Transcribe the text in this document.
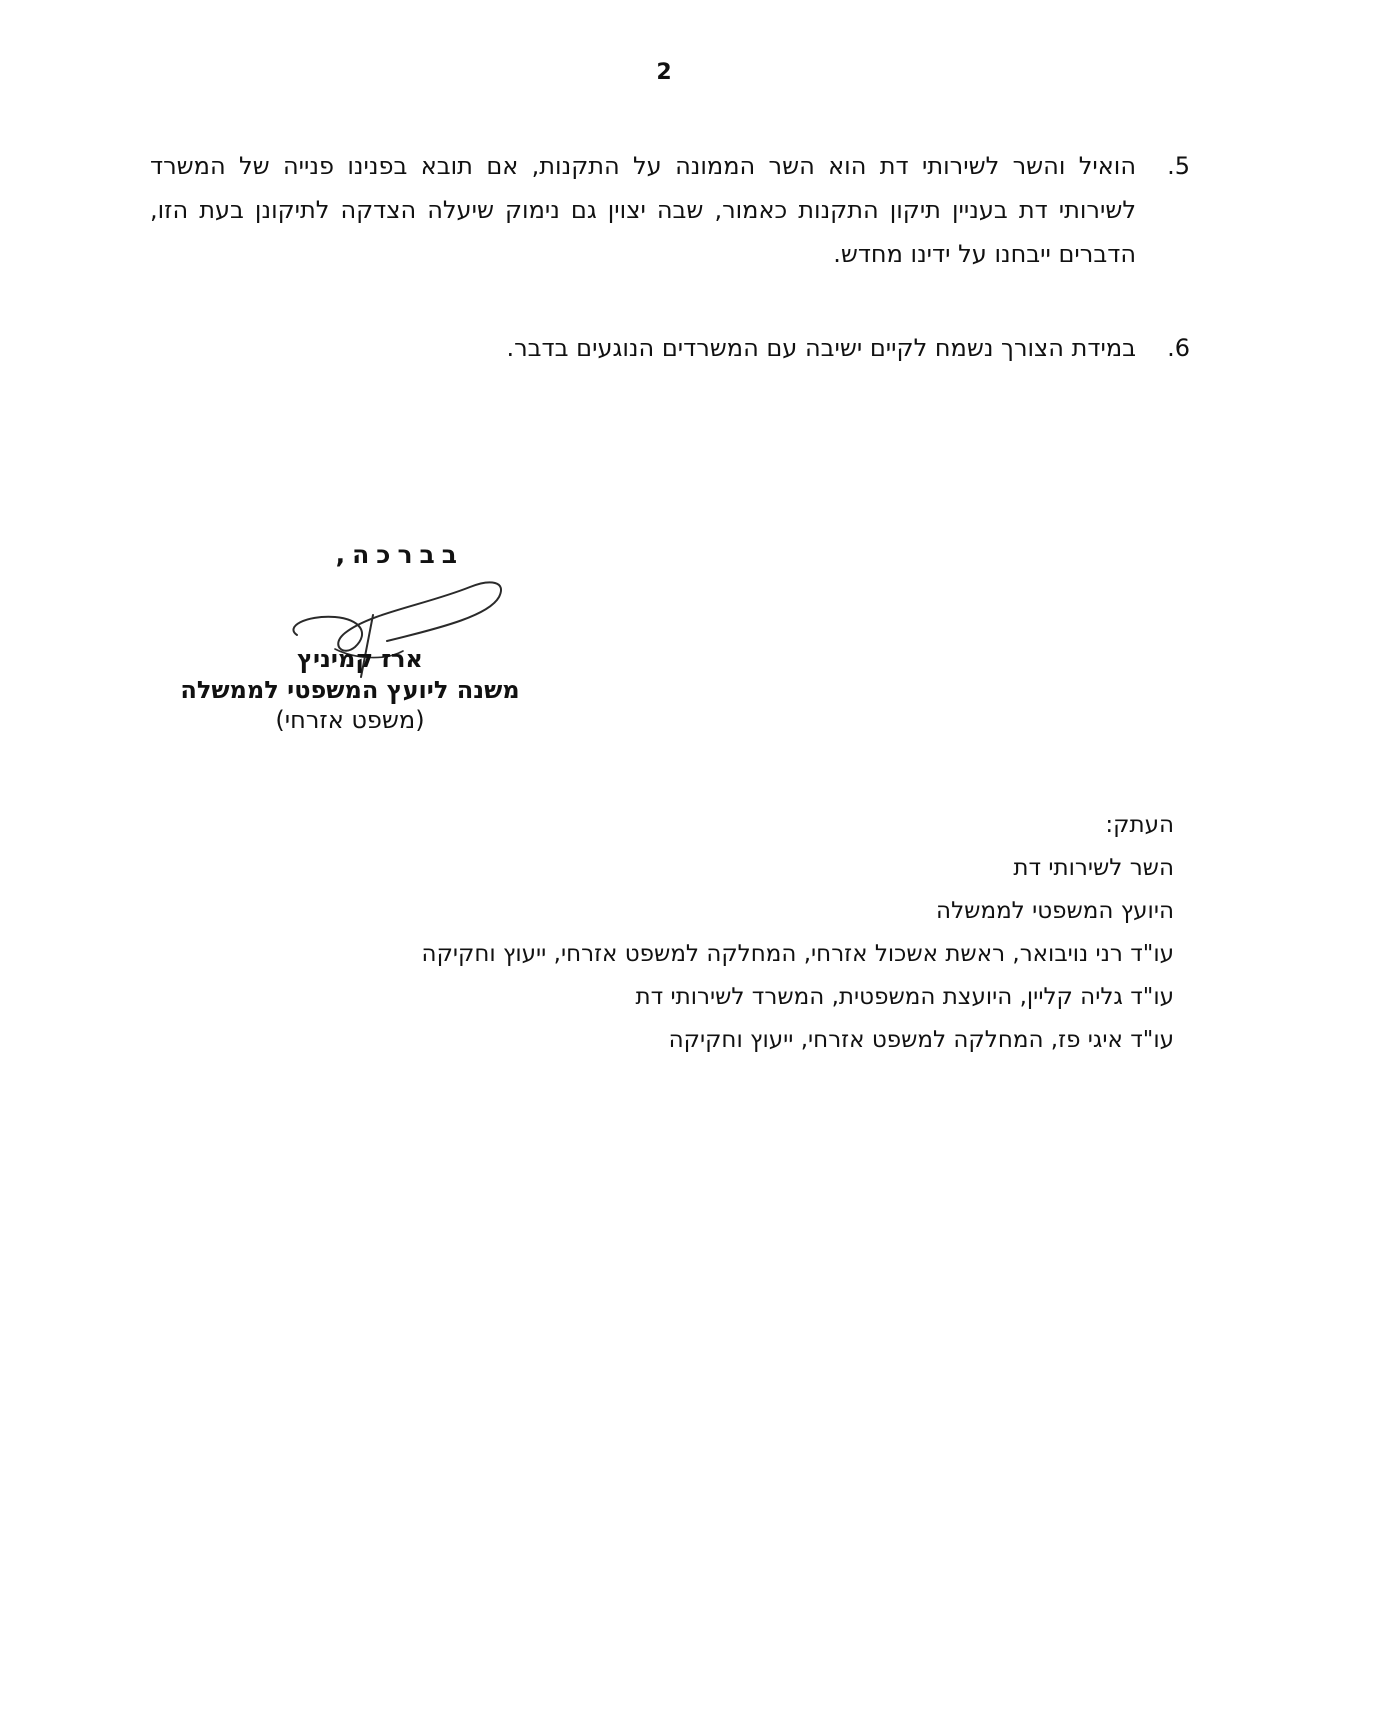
2
.5
הואיל והשר לשירותי דת הוא השר הממונה על התקנות, אם תובא בפנינו פנייה של המשרד לשירותי דת בעניין תיקון התקנות כאמור, שבה יצוין גם נימוק שיעלה הצדקה לתיקונן בעת הזו, הדברים ייבחנו על ידינו מחדש.
.6
במידת הצורך נשמח לקיים ישיבה עם המשרדים הנוגעים בדבר.
בברכה,
ארז קמיניץ
משנה ליועץ המשפטי לממשלה
(משפט אזרחי)
העתק:
השר לשירותי דת
היועץ המשפטי לממשלה
עו"ד רני נויבואר, ראשת אשכול אזרחי, המחלקה למשפט אזרחי, ייעוץ וחקיקה
עו"ד גליה קליין, היועצת המשפטית, המשרד לשירותי דת
עו"ד איגי פז, המחלקה למשפט אזרחי, ייעוץ וחקיקה
